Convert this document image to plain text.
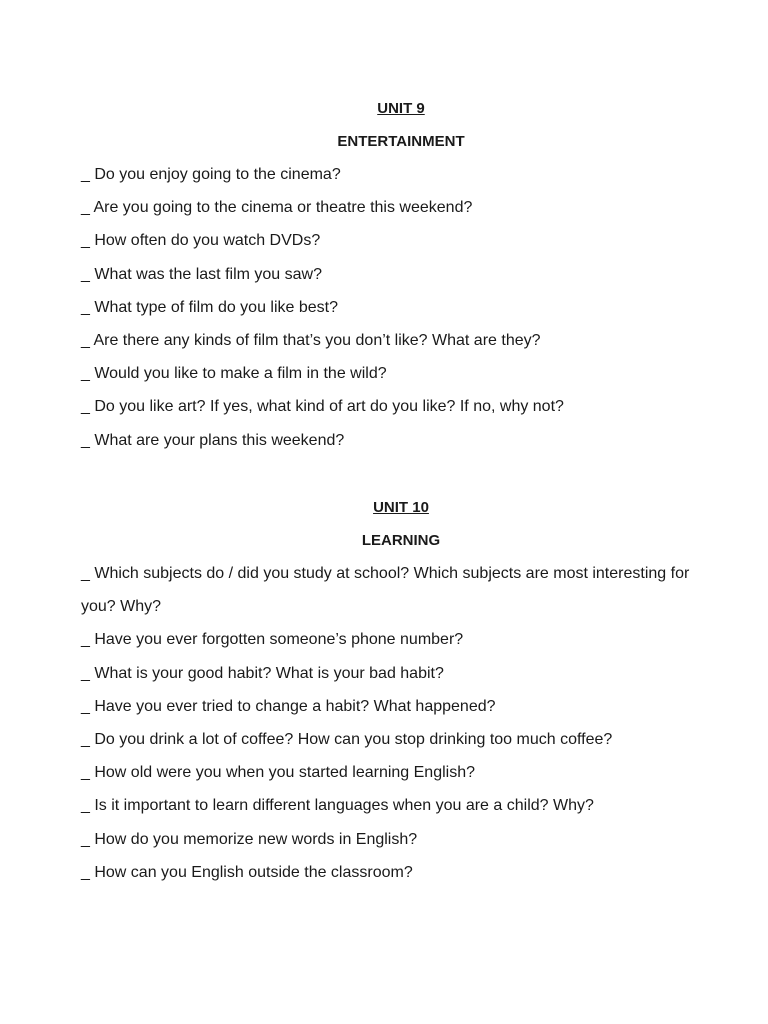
UNIT 9
ENTERTAINMENT
_ Do you enjoy going to the cinema?
_ Are you going to the cinema or theatre this weekend?
_ How often do you watch DVDs?
_ What was the last film you saw?
_ What type of film do you like best?
_ Are there any kinds of film that’s you don’t like? What are they?
_ Would you like to make a film in the wild?
_ Do you like art? If yes, what kind of art do you like? If no, why not?
_ What are your plans this weekend?
UNIT 10
LEARNING
_ Which subjects do / did you study at school? Which subjects are most interesting for you? Why?
_ Have you ever forgotten someone’s phone number?
_ What is your good habit? What is your bad habit?
_ Have you ever tried to change a habit? What happened?
_ Do you drink a lot of coffee? How can you stop drinking too much coffee?
_ How old were you when you started learning English?
_ Is it important to learn different languages when you are a child? Why?
_ How do you memorize new words in English?
_ How can you English outside the classroom?
